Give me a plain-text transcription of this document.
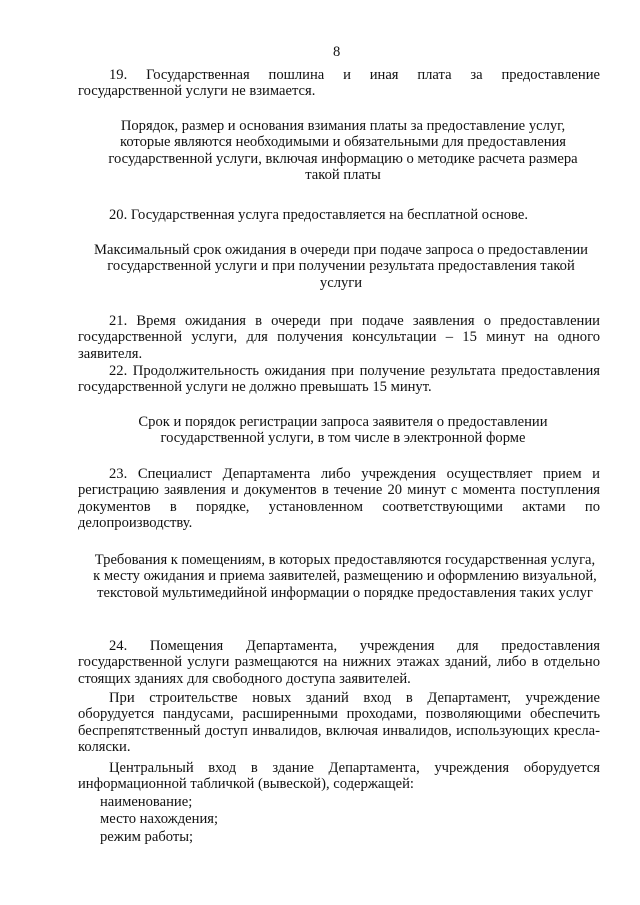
8

19. Государственная пошлина и иная плата за предоставление государственной услуги не взимается.

Порядок, размер и основания взимания платы за предоставление услуг, которые являются необходимыми и обязательными для предоставления государственной услуги, включая информацию о методике расчета размера такой платы

20. Государственная услуга предоставляется на бесплатной основе.

Максимальный срок ожидания в очереди при подаче запроса о предоставлении государственной услуги и при получении результата предоставления такой услуги

21. Время ожидания в очереди при подаче заявления о предоставлении государственной услуги, для получения консультации – 15 минут на одного заявителя.

22. Продолжительность ожидания при получение результата предоставления государственной услуги не должно превышать 15 минут.

Срок и порядок регистрации запроса заявителя о предоставлении государственной услуги, в том числе в электронной форме

23. Специалист Департамента либо учреждения осуществляет прием и регистрацию заявления и документов в течение 20 минут с момента поступления документов в порядке, установленном соответствующими актами по делопроизводству.

Требования к помещениям, в которых предоставляются государственная услуга, к месту ожидания и приема заявителей, размещению и оформлению визуальной, текстовой мультимедийной информации о порядке предоставления таких услуг

24. Помещения Департамента, учреждения для предоставления государственной услуги размещаются на нижних этажах зданий, либо в отдельно стоящих зданиях для свободного доступа заявителей.

При строительстве новых зданий вход в Департамент, учреждение оборудуется пандусами, расширенными проходами, позволяющими обеспечить беспрепятственный доступ инвалидов, включая инвалидов, использующих кресла-коляски.

Центральный вход в здание Департамента, учреждения оборудуется информационной табличкой (вывеской), содержащей:

наименование;

место нахождения;

режим работы;
